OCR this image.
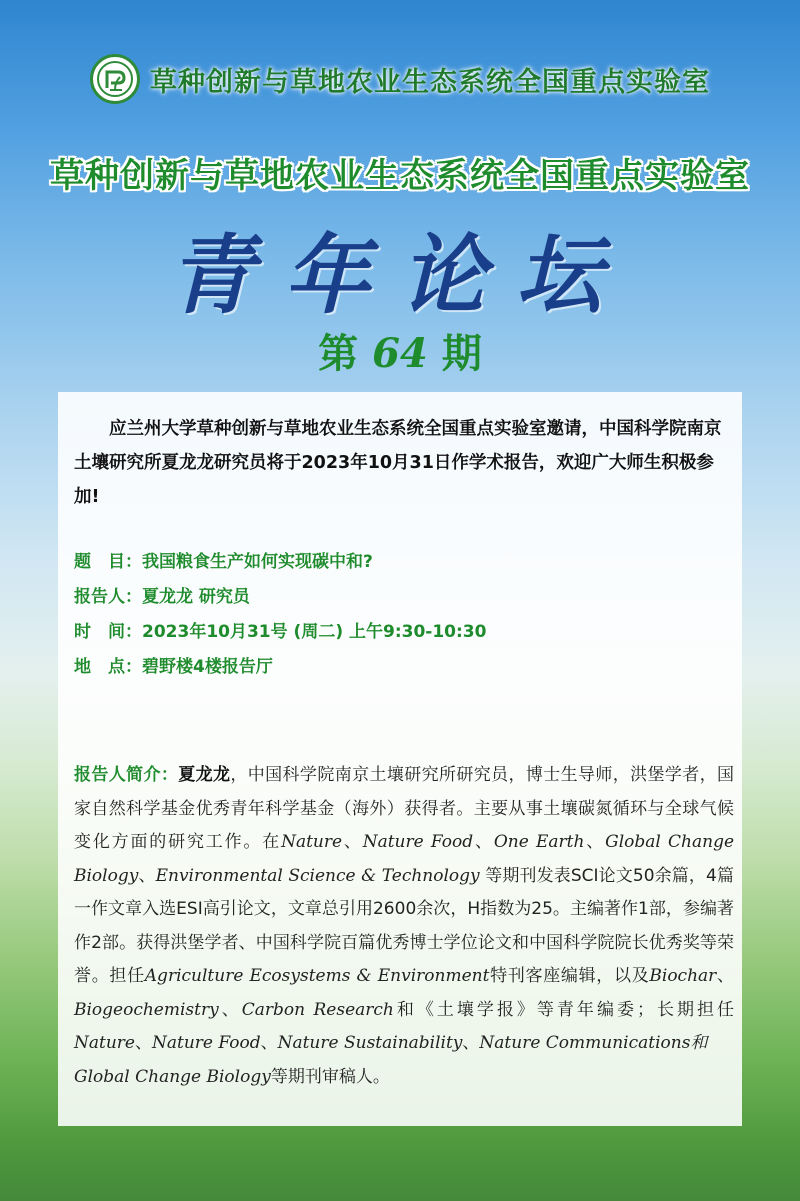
草种创新与草地农业生态系统全国重点实验室
草种创新与草地农业生态系统全国重点实验室
青年论坛
第 64 期
应兰州大学草种创新与草地农业生态系统全国重点实验室邀请，中国科学院南京土壤研究所夏龙龙研究员将于2023年10月31日作学术报告，欢迎广大师生积极参加!
题　目：我国粮食生产如何实现碳中和?
报告人：夏龙龙 研究员
时　间：2023年10月31号 (周二) 上午9:30-10:30
地　点：碧野楼4楼报告厅
报告人简介：夏龙龙，中国科学院南京土壤研究所研究员，博士生导师，洪堡学者，国家自然科学基金优秀青年科学基金（海外）获得者。主要从事土壤碳氮循环与全球气候变化方面的研究工作。在Nature、Nature Food、One Earth、Global Change Biology、Environmental Science & Technology 等期刊发表SCI论文50余篇，4篇一作文章入选ESI高引论文，文章总引用2600余次，H指数为25。主编著作1部，参编著作2部。获得洪堡学者、中国科学院百篇优秀博士学位论文和中国科学院院长优秀奖等荣誉。担任Agriculture Ecosystems & Environment特刊客座编辑，以及Biochar、Biogeochemistry、Carbon Research和《土壤学报》等青年编委；长期担任Nature、Nature Food、Nature Sustainability、Nature Communications和
Global Change Biology等期刊审稿人。
